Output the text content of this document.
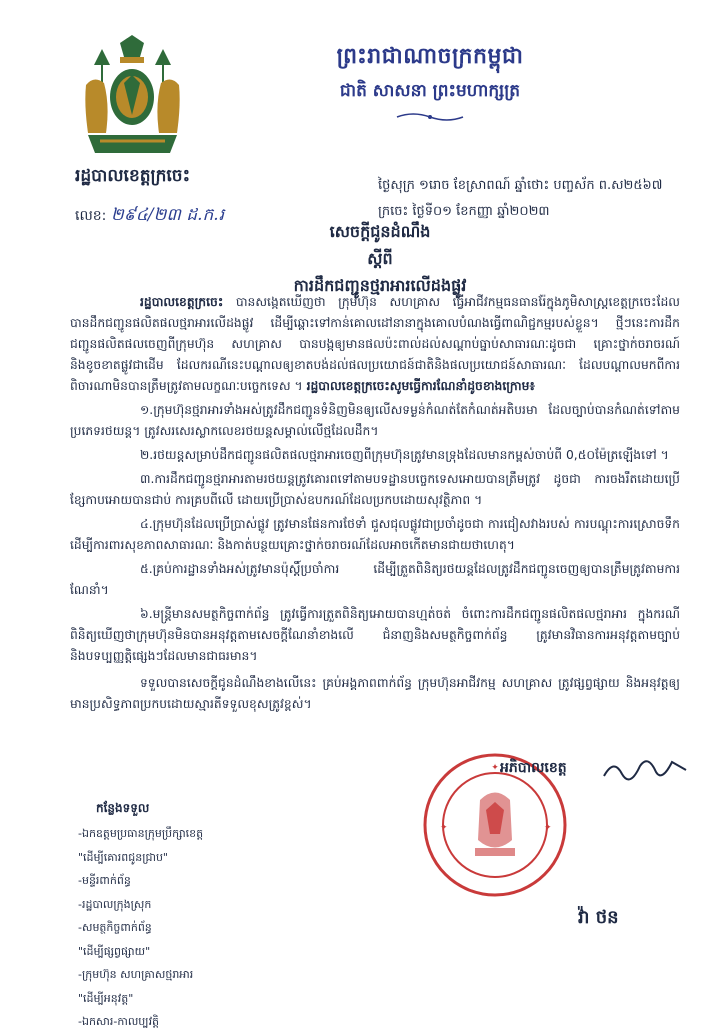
ព្រះរាជាណាចក្រកម្ពុជា
ជាតិ សាសនា ព្រះមហាក្សត្រ
រដ្ឋបាលខេត្តក្រចេះ
លេខ: ២៩៤/២៣ ដ.ក.រ
ថ្ងៃសុក្រ ១រោច ខែស្រាពណ៍ ឆ្នាំថោះ បញ្ចស័ក ព.ស២៥៦៧
ក្រចេះ ថ្ងៃទី០១ ខែកញ្ញា ឆ្នាំ២០២៣
សេចក្តីជូនដំណឹង
ស្តីពី
ការដឹកជញ្ជូនថ្មរាអារលើដងផ្លូវ

រដ្ឋបាលខេត្តក្រចេះ បានសង្កេតឃើញថា ក្រុមហ៊ុន សហគ្រាស ធ្វើអាជីវកម្មធនធានរ៉ែក្នុងភូមិសាស្ត្រខេត្តក្រចេះដែលបានដឹកជញ្ជូនផលិតផលថ្មរាអារលើដងផ្លូវ ដើម្បីឆ្ពោះទៅកាន់គោលដៅនានាក្នុងគោលបំណងធ្វើពាណិជ្ជកម្មរបស់ខ្លួន។ ថ្មីៗនេះការដឹកជញ្ជូនផលិតផលចេញពីក្រុមហ៊ុន សហគ្រាស បានបង្កឲ្យមានផលប៉ះពាល់ដល់សណ្តាប់ធ្នាប់សាធារណៈដូចជា គ្រោះថ្នាក់ចរាចរណ៍ និងខូចខាតផ្លូវជាដើម ដែលករណីនេះបណ្តាលឲ្យខាតបង់ដល់ផលប្រយោជន៍ជាតិនិងផលប្រយោជន៍សាធារណៈ ដែលបណ្តាលមកពីការពិចារណាមិនបានត្រឹមត្រូវតាមលក្ខណៈបច្ចេកទេស ។ រដ្ឋបាលខេត្តក្រចេះសូមធ្វើការណែនាំដូចខាងក្រោម៖

១.ក្រុមហ៊ុនថ្មរាអារទាំងអស់ត្រូវដឹកជញ្ជូនទំនិញមិនឲ្យលើសទម្ងន់កំណត់តែកំណត់អតិបរមា ដែលច្បាប់បានកំណត់ទៅតាមប្រភេទរថយន្ត។ ត្រូវសរសេរស្លាកលេខរថយន្តសម្គាល់លើថ្មដែលដឹក។

២.រថយន្តសម្រាប់ដឹកជញ្ជូនផលិតផលថ្មរាអារចេញពីក្រុមហ៊ុនត្រូវមានទ្រុងដែលមានកម្ពស់ចាប់ពី 0,៥០ម៉ែត្រឡើងទៅ ។

៣.ការដឹកជញ្ជូនថ្មរាអារតាមរថយន្តត្រូវគោរពទៅតាមបទដ្ឋានបច្ចេកទេសអោយបានត្រឹមត្រូវ ដូចជា ការចងរឹតដោយប្រើខ្សែកាបអោយបានជាប់ ការគ្របពីលើ ដោយប្រើប្រាស់ឧបករណ៍ដែលប្រកបដោយសុវត្ថិភាព ។

៤.ក្រុមហ៊ុនដែលប្រើប្រាស់ផ្លូវ ត្រូវមានផែនការថែទាំ ជួសជុលផ្លូវជាប្រចាំដូចជា ការជៀសវាងរបស់ ការបណ្តុះការស្រោចទឹក ដើម្បីការពារសុខភាពសាធារណៈ និងកាត់បន្ថយគ្រោះថ្នាក់ចរាចរណ៍ដែលអាចកើតមានជាយថាហេតុ។

៥.គ្រប់ការដ្ឋានទាំងអស់ត្រូវមានប៉ុស្តិ៍ប្រចាំការ ដើម្បីត្រួតពិនិត្យរថយន្តដែលត្រូវដឹកជញ្ជូនចេញឲ្យបានត្រឹមត្រូវតាមការណែនាំ។

៦.មន្ត្រីមានសមត្ថកិច្ចពាក់ព័ន្ធ ត្រូវធ្វើការត្រួតពិនិត្យអោយបានហ្មត់ចត់ ចំពោះការដឹកជញ្ជូនផលិតផលថ្មរាអារ ក្នុងករណីពិនិត្យឃើញថាក្រុមហ៊ុនមិនបានអនុវត្តតាមសេចក្តីណែនាំខាងលើ ជំនាញនិងសមត្ថកិច្ចពាក់ព័ន្ធ ត្រូវមានវិធានការអនុវត្តតាមច្បាប់ និងបទប្បញ្ញត្តិផ្សេងៗដែលមានជាធរមាន។

ទទួលបានសេចក្តីជូនដំណឹងខាងលើនេះ គ្រប់អង្គភាពពាក់ព័ន្ធ ក្រុមហ៊ុនអាជីវកម្ម សហគ្រាស ត្រូវផ្សព្វផ្សាយ និងអនុវត្តឲ្យមានប្រសិទ្ធភាពប្រកបដោយស្មារតីទទួលខុសត្រូវខ្ពស់។

✦
✦	✦
អភិបាលខេត្ត
វ៉ា ថន
កន្លែងទទួល
-ឯកឧត្តមប្រធានក្រុមប្រឹក្សាខេត្ត
"ដើម្បីគោរពជូនជ្រាប"
-មន្ទីរពាក់ព័ន្ធ
-រដ្ឋបាលក្រុងស្រុក
-សមត្ថកិច្ចពាក់ព័ន្ធ
"ដើម្បីផ្សព្វផ្សាយ"
-ក្រុមហ៊ុន សហគ្រាសថ្មរាអារ
"ដើម្បីអនុវត្ត"
-ឯកសារ-កាលប្បវត្តិ
